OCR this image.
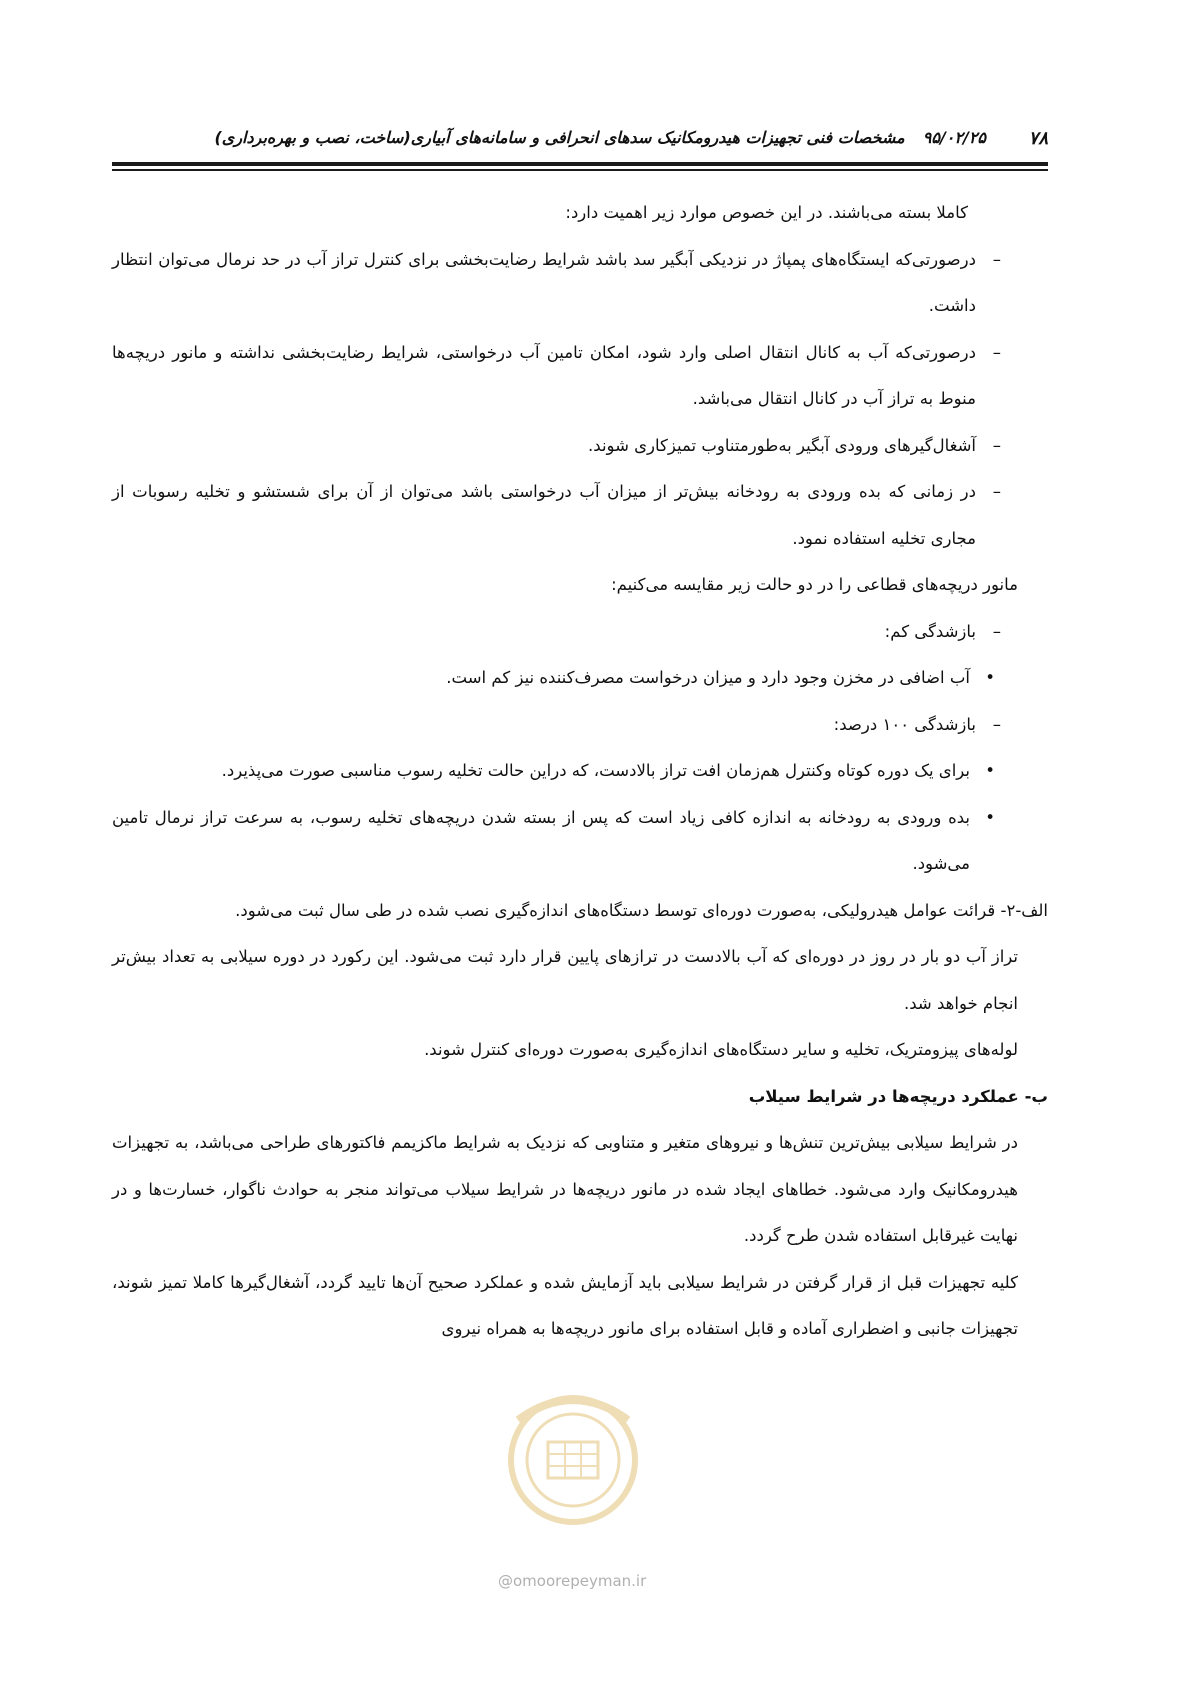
۷۸
۹۵/۰۲/۲۵مشخصات فنی تجهیزات هیدرومکانیک سدهای انحرافی و سامانه‌های آبیاری(ساخت، نصب و بهره‌برداری)

کاملا بسته می‌باشند. در این خصوص موارد زیر اهمیت دارد:

–درصورتی‌که ایستگاه‌های پمپاژ در نزدیکی آبگیر سد باشد شرایط رضایت‌بخشی برای کنترل تراز آب در حد نرمال می‌توان انتظار داشت.

–درصورتی‌که آب به کانال انتقال اصلی وارد شود، امکان تامین آب درخواستی، شرایط رضایت‌بخشی نداشته و مانور دریچه‌ها منوط به تراز آب در کانال انتقال می‌باشد.

–آشغال‌گیرهای ورودی آبگیر به‌طورمتناوب تمیزکاری شوند.

–در زمانی که بده ورودی به رودخانه بیش‌تر از میزان آب درخواستی باشد می‌توان از آن برای شستشو و تخلیه رسوبات از مجاری تخلیه استفاده نمود.

مانور دریچه‌های قطاعی را در دو حالت زیر مقایسه می‌کنیم:

–بازشدگی کم:

•آب اضافی در مخزن وجود دارد و میزان درخواست مصرف‌کننده نیز کم است.

–بازشدگی ۱۰۰ درصد:

•برای یک دوره کوتاه وکنترل هم‌زمان افت تراز بالادست، که دراین حالت تخلیه رسوب مناسبی صورت می‌پذیرد.

•بده ورودی به رودخانه به اندازه کافی زیاد است که پس از بسته شدن دریچه‌های تخلیه رسوب، به سرعت تراز نرمال تامین می‌شود.

الف-۲- قرائت عوامل هیدرولیکی، به‌صورت دوره‌ای توسط دستگاه‌های اندازه‌گیری نصب شده در طی سال ثبت می‌شود.

تراز آب دو بار در روز در دوره‌ای که آب بالادست در ترازهای پایین قرار دارد ثبت می‌شود. این رکورد در دوره سیلابی به تعداد بیش‌تر انجام خواهد شد.

لوله‌های پیزومتریک، تخلیه و سایر دستگاه‌های اندازه‌گیری به‌صورت دوره‌ای کنترل شوند.

ب- عملکرد دریچه‌ها در شرایط سیلاب

در شرایط سیلابی بیش‌ترین تنش‌ها و نیروهای متغیر و متناوبی که نزدیک به شرایط ماکزیمم فاکتورهای طراحی می‌باشد، به تجهیزات هیدرومکانیک وارد می‌شود. خطاهای ایجاد شده در مانور دریچه‌ها در شرایط سیلاب می‌تواند منجر به حوادث ناگوار، خسارت‌ها و در نهایت غیرقابل استفاده شدن طرح گردد.

کلیه تجهیزات قبل از قرار گرفتن در شرایط سیلابی باید آزمایش شده و عملکرد صحیح آن‌ها تایید گردد، آشغال‌گیرها کاملا تمیز شوند، تجهیزات جانبی و اضطراری آماده و قابل استفاده برای مانور دریچه‌ها به همراه نیروی

@omoorepeyman.ir
